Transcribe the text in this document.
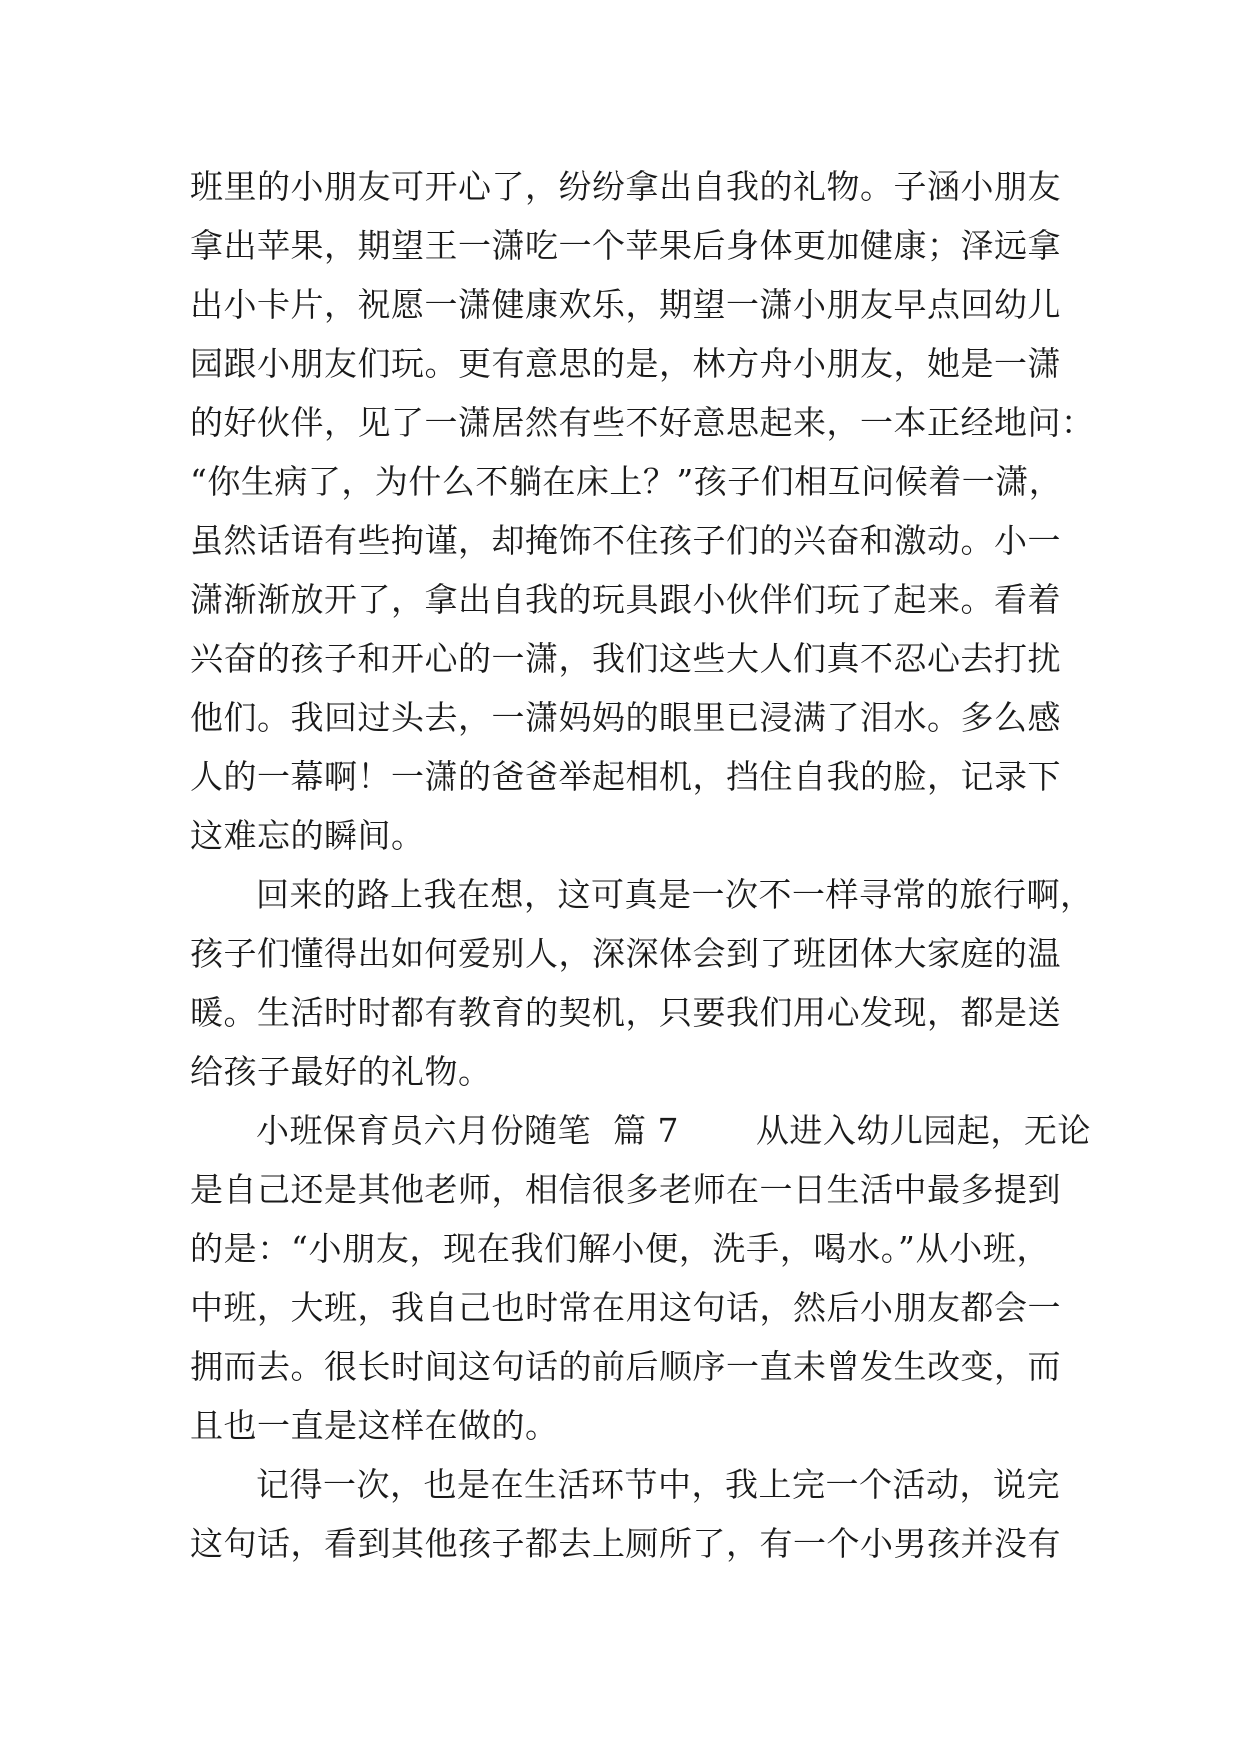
班里的小朋友可开心了，纷纷拿出自我的礼物。子涵小朋友
拿出苹果，期望王一潇吃一个苹果后身体更加健康；泽远拿
出小卡片，祝愿一潇健康欢乐，期望一潇小朋友早点回幼儿
园跟小朋友们玩。更有意思的是，林方舟小朋友，她是一潇
的好伙伴，见了一潇居然有些不好意思起来，一本正经地问：
“你生病了，为什么不躺在床上？”孩子们相互问候着一潇，
虽然话语有些拘谨，却掩饰不住孩子们的兴奋和激动。小一
潇渐渐放开了，拿出自我的玩具跟小伙伴们玩了起来。看着
兴奋的孩子和开心的一潇，我们这些大人们真不忍心去打扰
他们。我回过头去，一潇妈妈的眼里已浸满了泪水。多么感
人的一幕啊！一潇的爸爸举起相机，挡住自我的脸，记录下
这难忘的瞬间。
回来的路上我在想，这可真是一次不一样寻常的旅行啊，
孩子们懂得出如何爱别人，深深体会到了班团体大家庭的温
暖。生活时时都有教育的契机，只要我们用心发现，都是送
给孩子最好的礼物。
小班保育员六月份随笔  篇 7       从进入幼儿园起，无论
是自己还是其他老师，相信很多老师在一日生活中最多提到
的是：“小朋友，现在我们解小便，洗手，喝水。”从小班，
中班，大班，我自己也时常在用这句话，然后小朋友都会一
拥而去。很长时间这句话的前后顺序一直未曾发生改变，而
且也一直是这样在做的。
记得一次，也是在生活环节中，我上完一个活动，说完
这句话，看到其他孩子都去上厕所了，有一个小男孩并没有
